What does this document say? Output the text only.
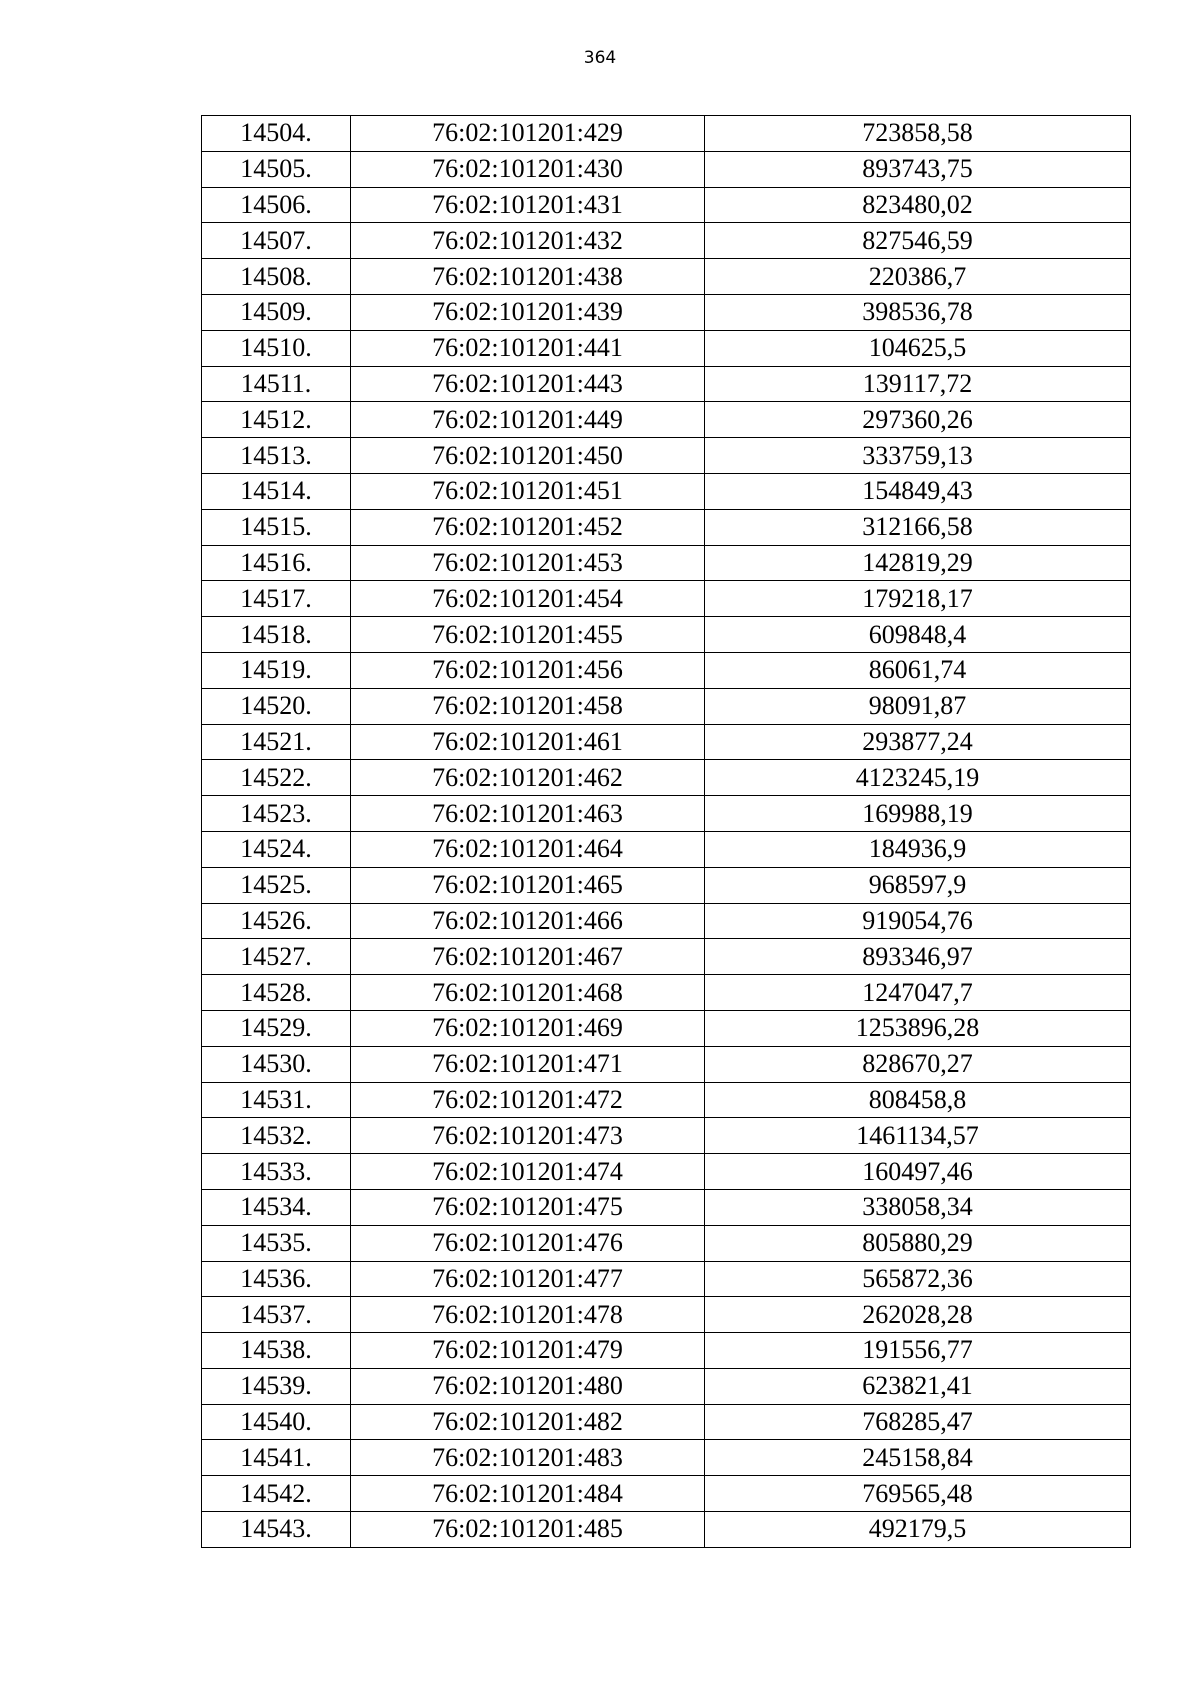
364
14504.	76:02:101201:429	723858,58
14505.	76:02:101201:430	893743,75
14506.	76:02:101201:431	823480,02
14507.	76:02:101201:432	827546,59
14508.	76:02:101201:438	220386,7
14509.	76:02:101201:439	398536,78
14510.	76:02:101201:441	104625,5
14511.	76:02:101201:443	139117,72
14512.	76:02:101201:449	297360,26
14513.	76:02:101201:450	333759,13
14514.	76:02:101201:451	154849,43
14515.	76:02:101201:452	312166,58
14516.	76:02:101201:453	142819,29
14517.	76:02:101201:454	179218,17
14518.	76:02:101201:455	609848,4
14519.	76:02:101201:456	86061,74
14520.	76:02:101201:458	98091,87
14521.	76:02:101201:461	293877,24
14522.	76:02:101201:462	4123245,19
14523.	76:02:101201:463	169988,19
14524.	76:02:101201:464	184936,9
14525.	76:02:101201:465	968597,9
14526.	76:02:101201:466	919054,76
14527.	76:02:101201:467	893346,97
14528.	76:02:101201:468	1247047,7
14529.	76:02:101201:469	1253896,28
14530.	76:02:101201:471	828670,27
14531.	76:02:101201:472	808458,8
14532.	76:02:101201:473	1461134,57
14533.	76:02:101201:474	160497,46
14534.	76:02:101201:475	338058,34
14535.	76:02:101201:476	805880,29
14536.	76:02:101201:477	565872,36
14537.	76:02:101201:478	262028,28
14538.	76:02:101201:479	191556,77
14539.	76:02:101201:480	623821,41
14540.	76:02:101201:482	768285,47
14541.	76:02:101201:483	245158,84
14542.	76:02:101201:484	769565,48
14543.	76:02:101201:485	492179,5
